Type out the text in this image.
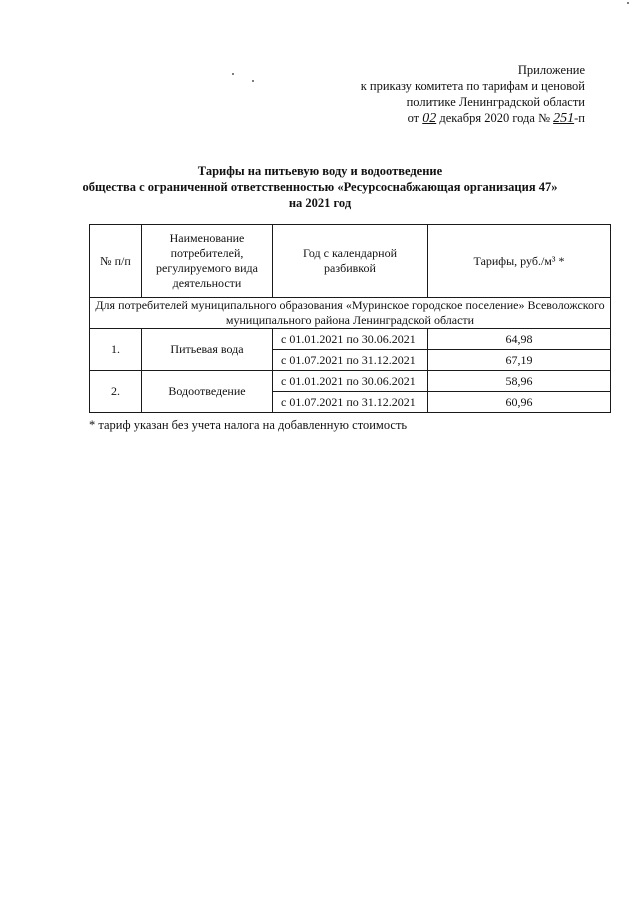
Приложение
к приказу комитета по тарифам и ценовой
политике Ленинградской области
от 02 декабря 2020 года № 251-п
Тарифы на питьевую воду и водоотведение
общества с ограниченной ответственностью «Ресурсоснабжающая организация 47»
на 2021 год
№ п/п	Наименование потребителей, регулируемого вида деятельности	Год с календарной разбивкой	Тарифы, руб./м³ *
Для потребителей муниципального образования «Муринское городское поселение» Всеволожского муниципального района Ленинградской области			
1.	Питьевая вода	с 01.01.2021 по 30.06.2021	64,98
		с 01.07.2021 по 31.12.2021	67,19
2.	Водоотведение	с 01.01.2021 по 30.06.2021	58,96
		с 01.07.2021 по 31.12.2021	60,96
* тариф указан без учета налога на добавленную стоимость
